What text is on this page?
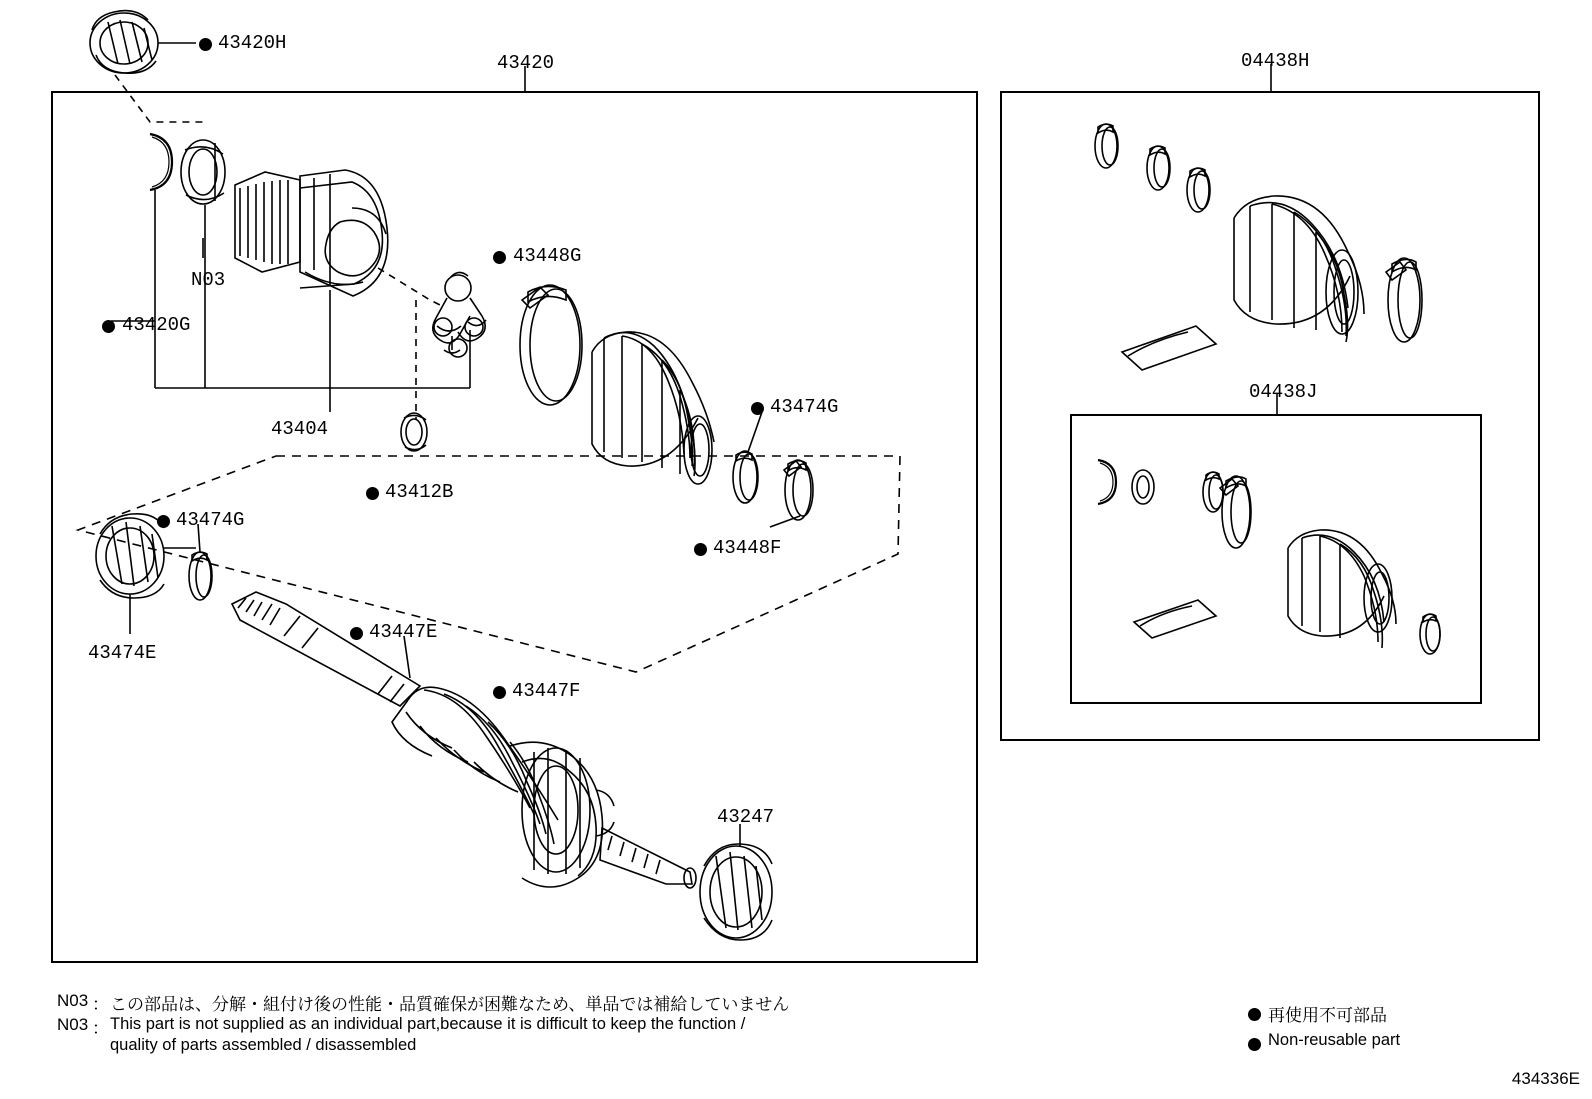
43420H
43420	04438H
N03
43420G
43448G
43404
43412B
43474G
43448F
04438J
43474G
43474E
43447E
43447F
43247
N03 ： この部品は、分解・組付け後の性能・品質確保が困難なため、単品では補給していません
N03 ： This part is not supplied as an individual part,because it is difficult to keep the function /
quality of parts assembled / disassembled
再使用不可部品
Non-reusable part
434336E
